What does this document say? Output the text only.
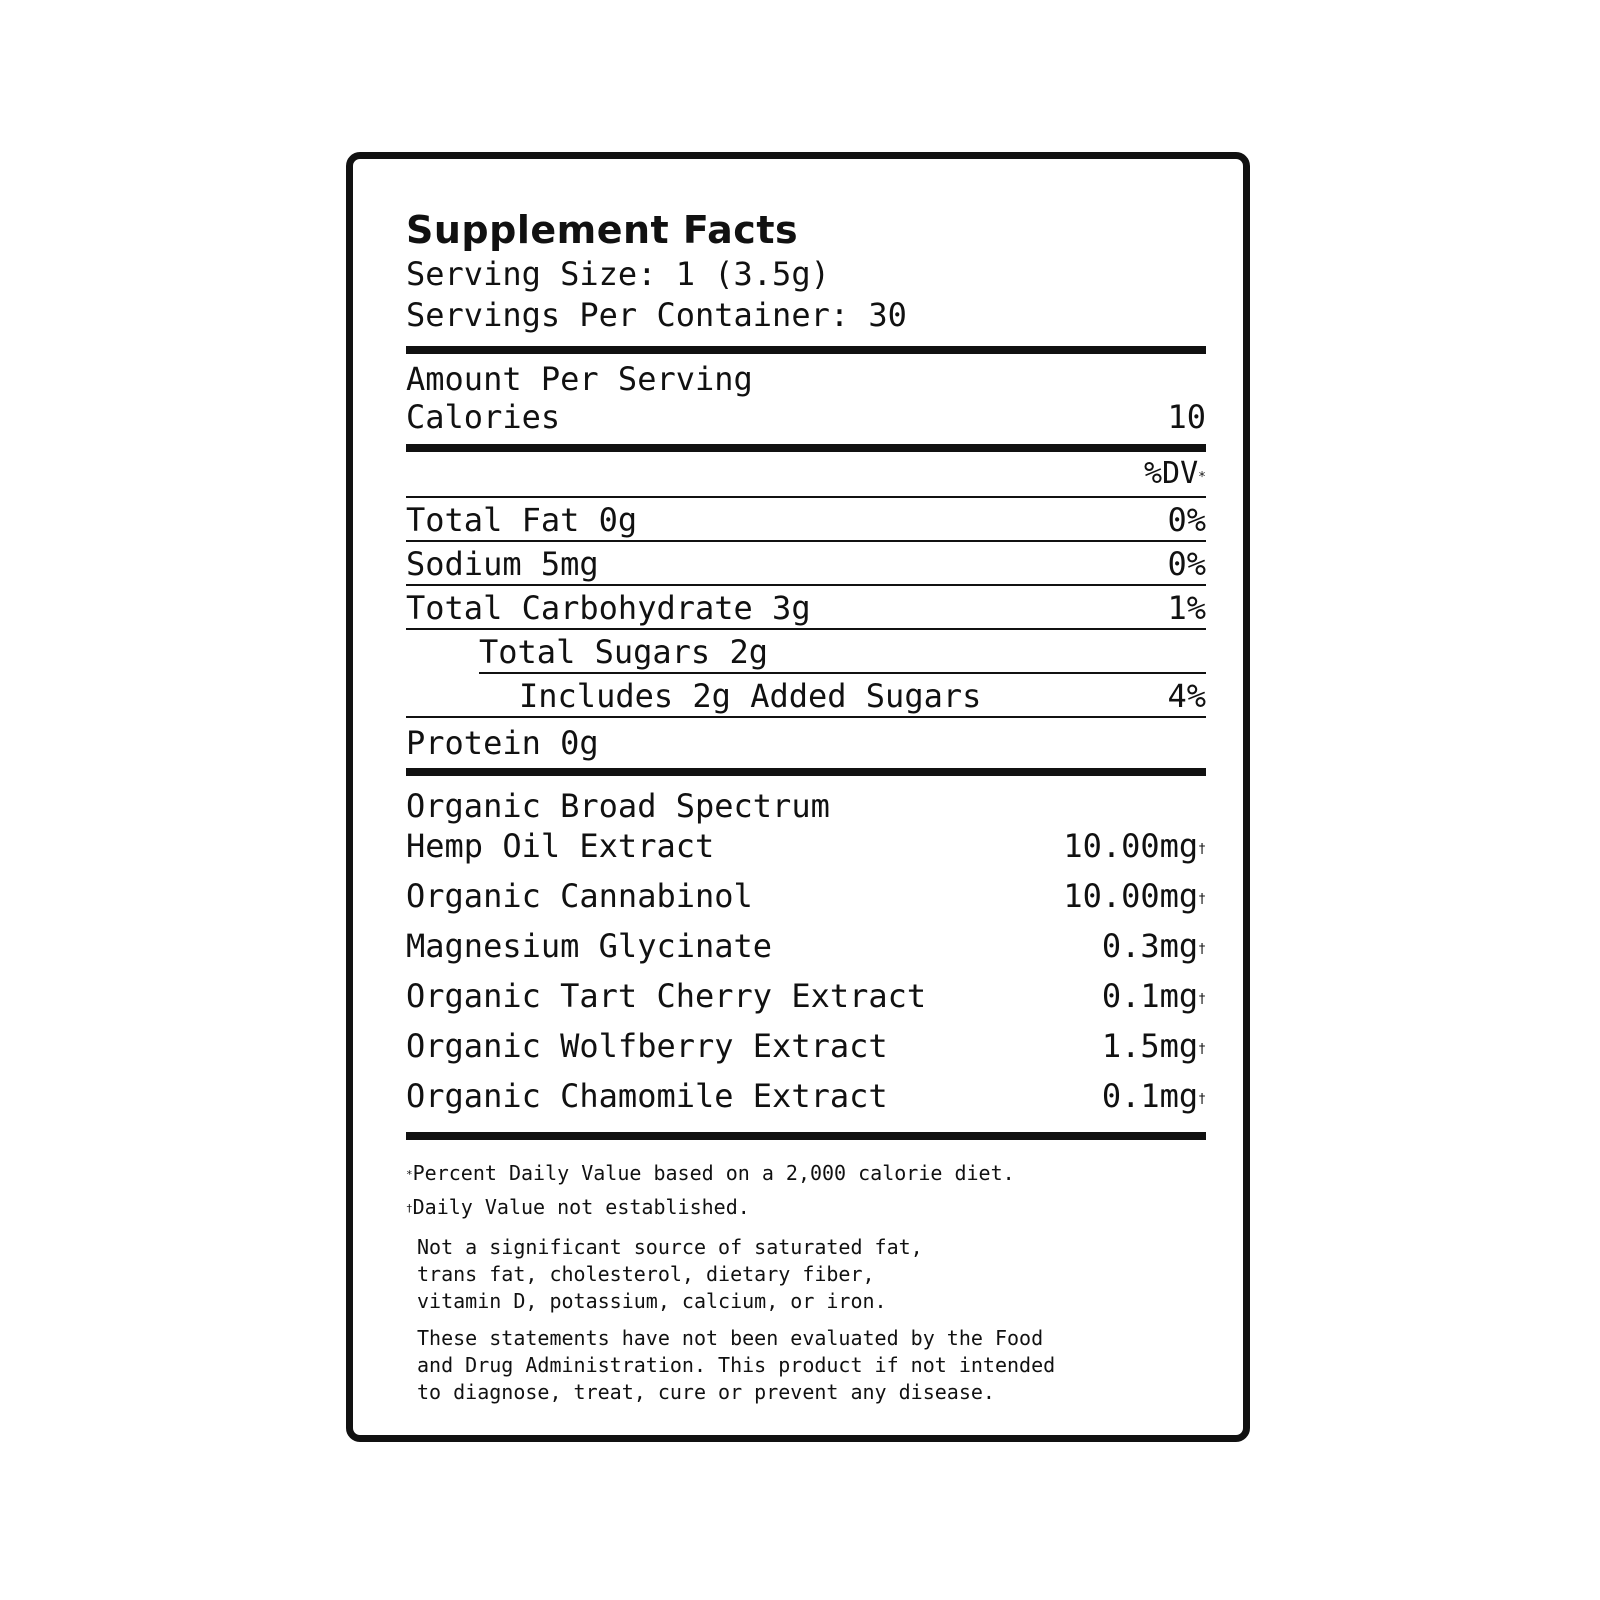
Supplement Facts
Serving Size: 1 (3.5g)
Servings Per Container: 30
Amount Per Serving
Calories	10
%DV*
Total Fat 0g	0%
Sodium 5mg	0%
Total Carbohydrate 3g	1%
Total Sugars 2g
Includes 2g Added Sugars	4%
Protein 0g
Organic Broad Spectrum
Hemp Oil Extract	10.00mg†
Organic Cannabinol	10.00mg†
Magnesium Glycinate	0.3mg†
Organic Tart Cherry Extract	0.1mg†
Organic Wolfberry Extract	1.5mg†
Organic Chamomile Extract	0.1mg†
*Percent Daily Value based on a 2,000 calorie diet.
†Daily Value not established.
Not a significant source of saturated fat,
trans fat, cholesterol, dietary fiber,
vitamin D, potassium, calcium, or iron.
These statements have not been evaluated by the Food
and Drug Administration. This product if not intended
to diagnose, treat, cure or prevent any disease.
